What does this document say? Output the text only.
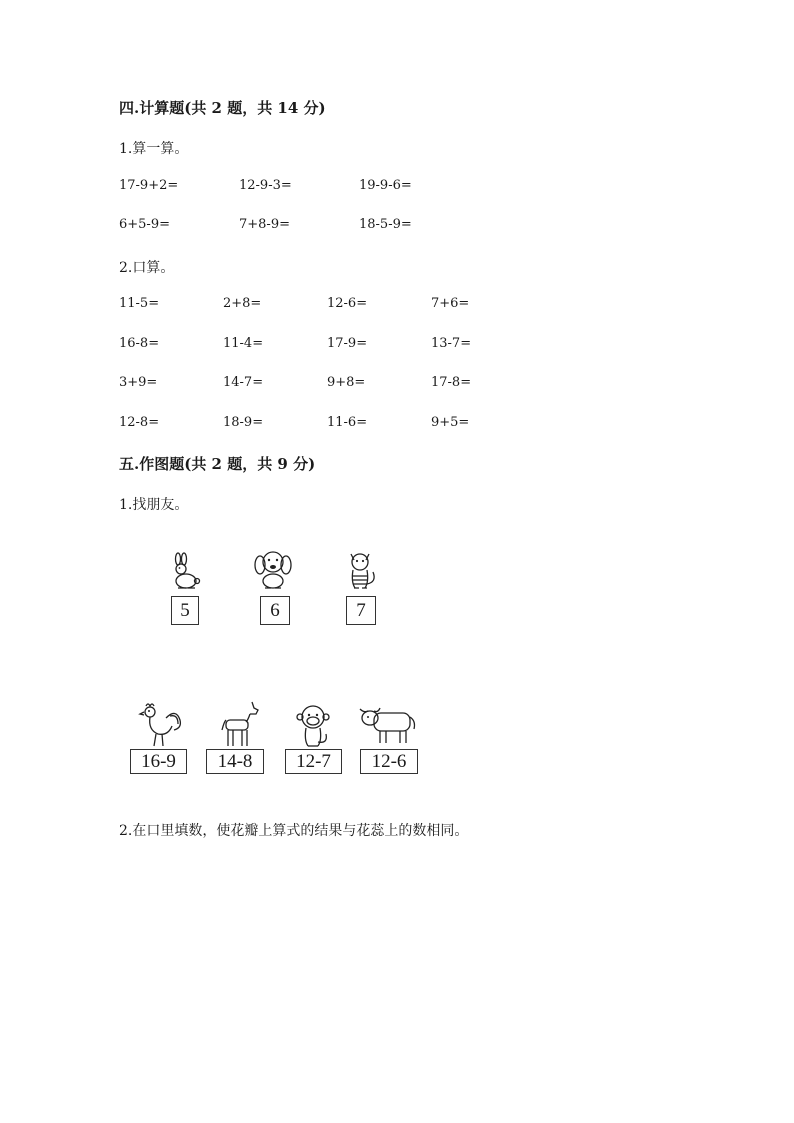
四.计算题(共 2 题，共 14 分)
1.算一算。
17-9+2=	12-9-3=	19-9-6=
6+5-9=	7+8-9=	18-5-9=
2.口算。
11-5=	2+8=	12-6=	7+6=
16-8=	11-4=	17-9=	13-7=
3+9=	14-7=	9+8=	17-8=
12-8=	18-9=	11-6=	9+5=
五.作图题(共 2 题，共 9 分)
1.找朋友。
5	6	7
16-9	14-8	12-7	12-6
2.在口里填数，使花瓣上算式的结果与花蕊上的数相同。
